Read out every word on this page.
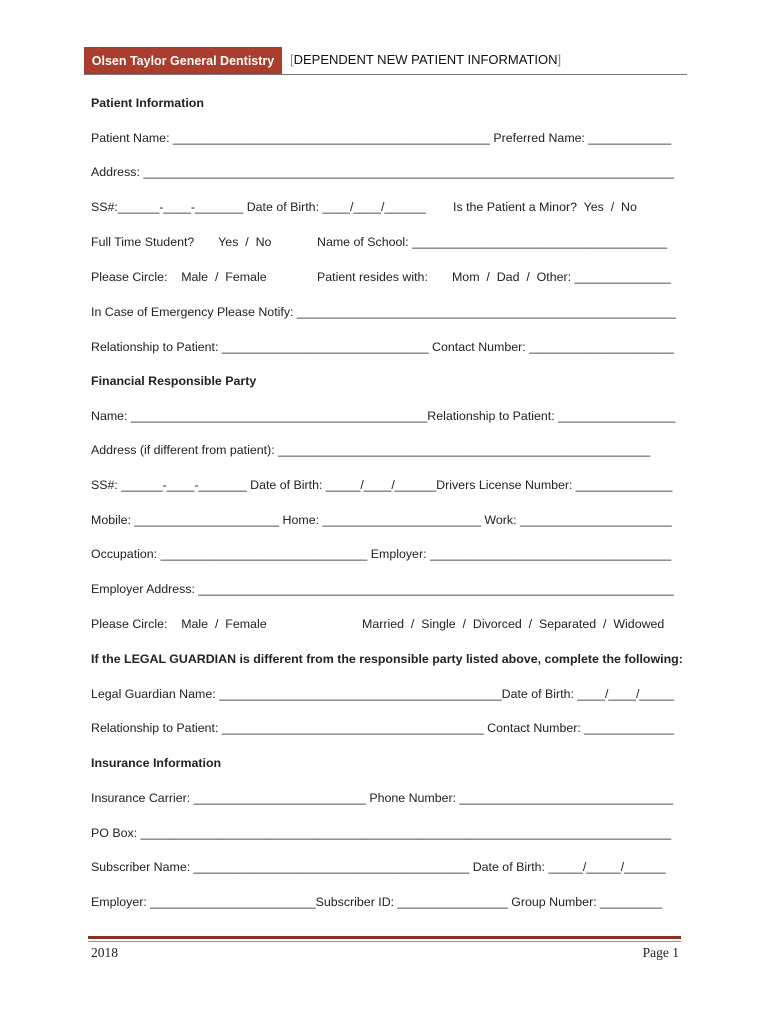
Olsen Taylor General Dentistry [DEPENDENT NEW PATIENT INFORMATION]
Patient Information
Patient Name: ______________________________________________ Preferred Name: ____________
Address: _____________________________________________________________________________
SS#:______-____-_______ Date of Birth: ____/____/______ Is the Patient a Minor?  Yes  /  No
Full Time Student?       Yes  /  No	Name of School: _____________________________________
Please Circle:    Male  /  Female	Patient resides with:       Mom  /  Dad  /  Other: ______________
In Case of Emergency Please Notify: _______________________________________________________
Relationship to Patient: ______________________________ Contact Number: _____________________
Financial Responsible Party
Name: ___________________________________________Relationship to Patient: _________________
Address (if different from patient): ______________________________________________________
SS#: ______-____-_______ Date of Birth: _____/____/______Drivers License Number: ______________
Mobile: _____________________ Home: _______________________ Work: ______________________
Occupation: ______________________________ Employer: ___________________________________
Employer Address: _____________________________________________________________________
Please Circle:    Male  /  Female	Married  /  Single  /  Divorced  /  Separated  /  Widowed
If the LEGAL GUARDIAN is different from the responsible party listed above, complete the following:
Legal Guardian Name: _________________________________________Date of Birth: ____/____/_____
Relationship to Patient: ______________________________________ Contact Number: _____________
Insurance Information
Insurance Carrier: _________________________ Phone Number: _______________________________
PO Box: _____________________________________________________________________________
Subscriber Name: ________________________________________ Date of Birth: _____/_____/______
Employer: ________________________Subscriber ID: ________________ Group Number: _________
2018	Page 1
